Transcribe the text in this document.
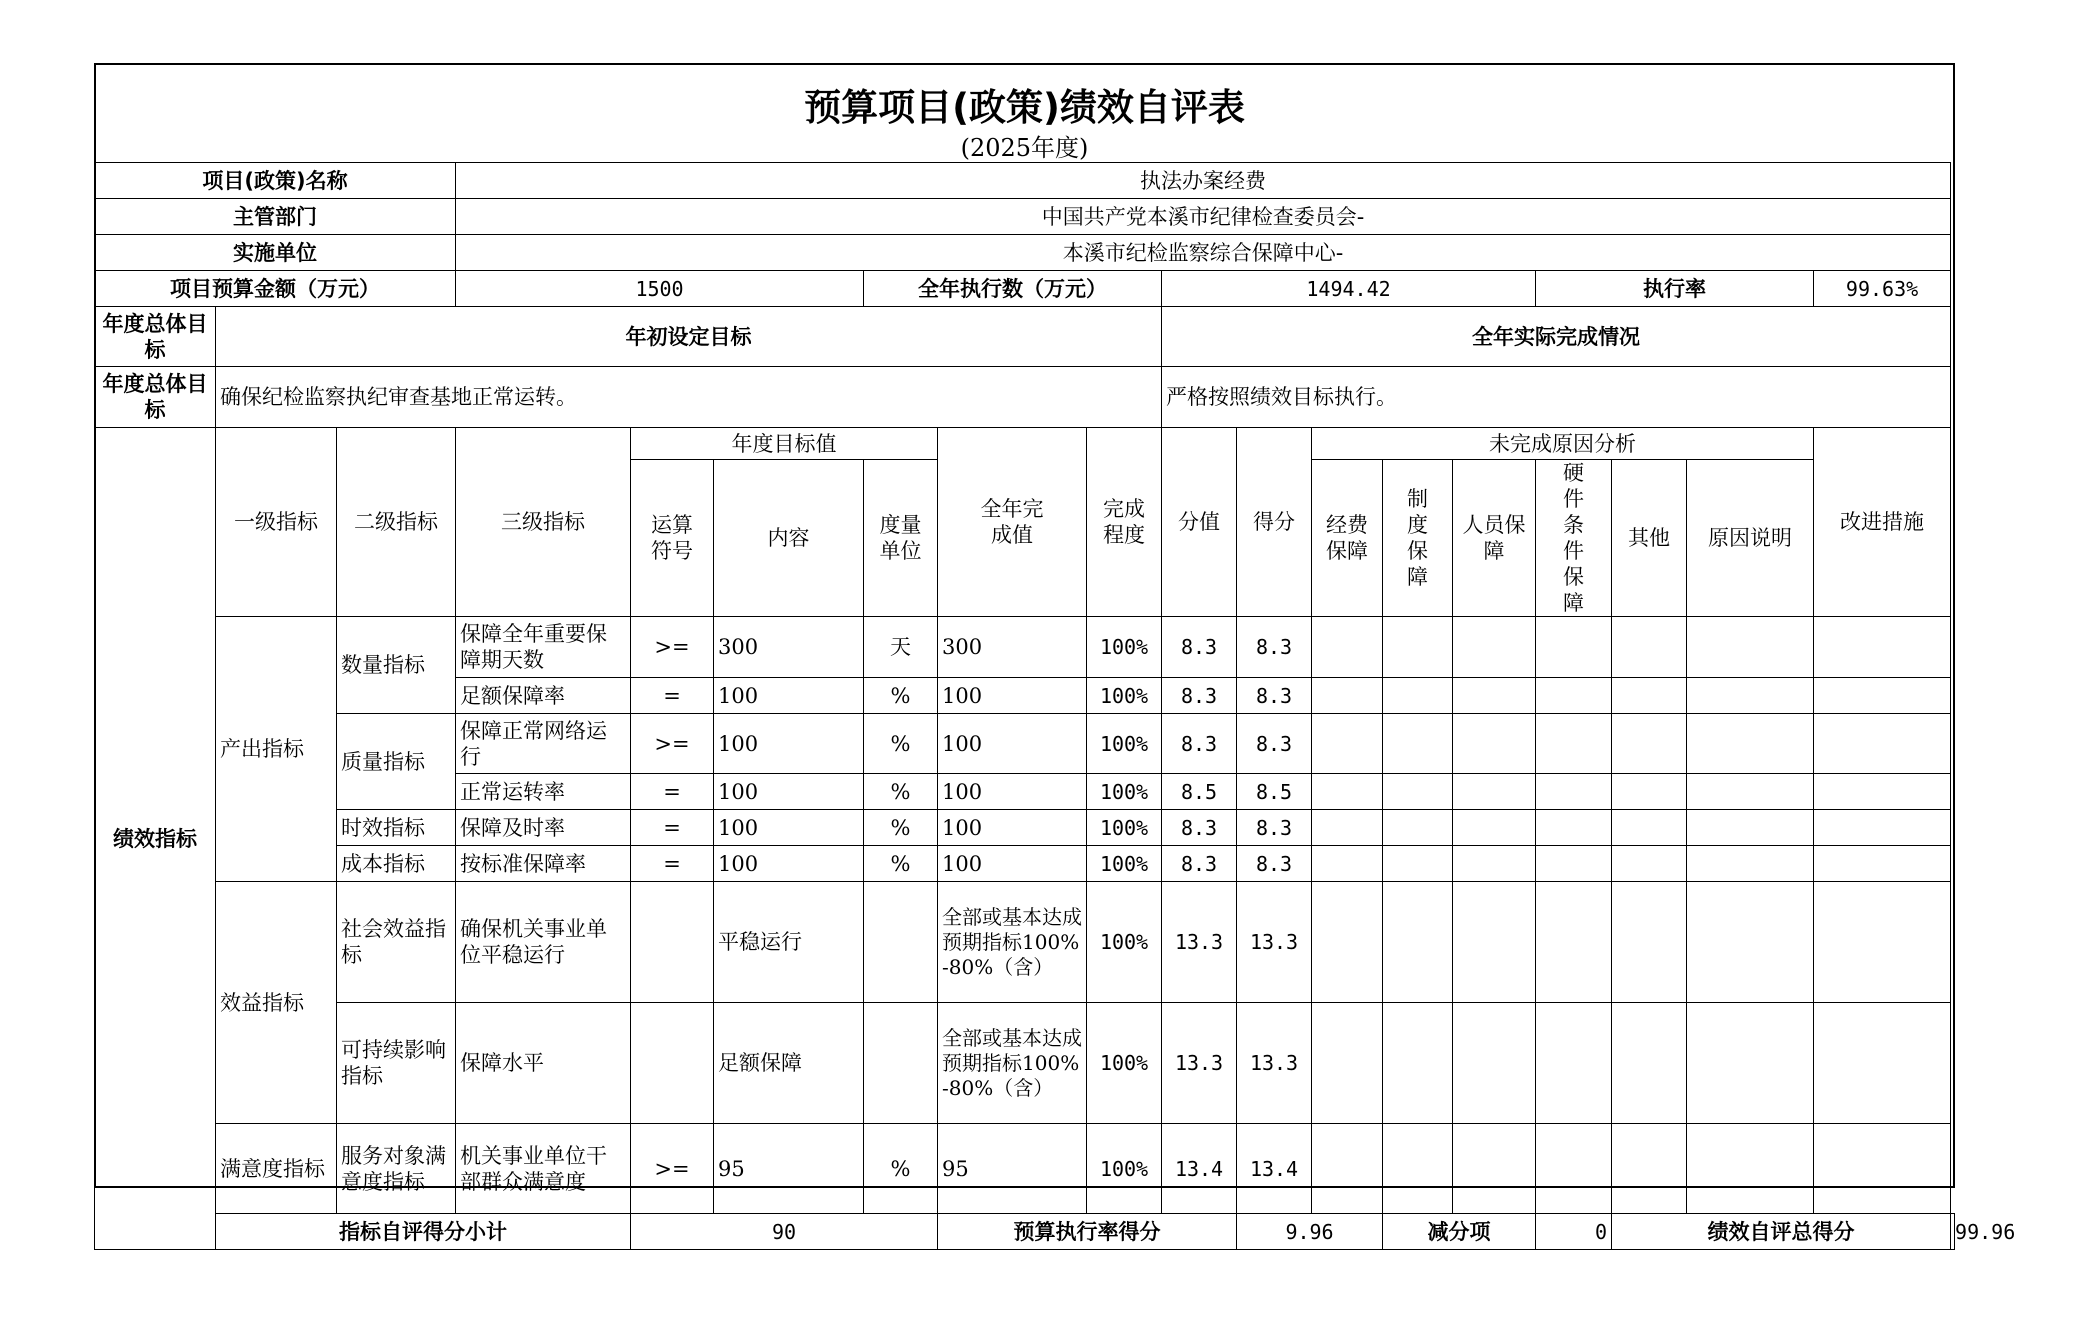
预算项目(政策)绩效自评表
(2025年度)
项目(政策)名称			执法办案经费															
主管部门			中国共产党本溪市纪律检查委员会-															
实施单位			本溪市纪检监察综合保障中心-															
项目预算金额（万元）			1500			全年执行数（万元）			1494.42					执行率			99.63%	
年度总体目标	年初设定目标								全年实际完成情况									
年度总体目标	确保纪检监察执纪审查基地正常运转。								严格按照绩效目标执行。									
绩效指标	一级指标	二级指标	三级指标	年度目标值			全年完成值	完成程度	分值	得分	未完成原因分析						改进措施	
				运算符号	内容	度量单位					经费保障	制度保障	人员保障	硬件条件保障	其他	原因说明		
	产出指标	数量指标	保障全年重要保障期天数	>=	300	天	300	100%	8.3	8.3								
			足额保障率	=	100	%	100	100%	8.3	8.3								
		质量指标	保障正常网络运行	>=	100	%	100	100%	8.3	8.3								
			正常运转率	=	100	%	100	100%	8.5	8.5								
		时效指标	保障及时率	=	100	%	100	100%	8.3	8.3								
		成本指标	按标准保障率	=	100	%	100	100%	8.3	8.3								
	效益指标	社会效益指标	确保机关事业单位平稳运行		平稳运行		全部或基本达成预期指标100%-80%（含）	100%	13.3	13.3								
		可持续影响指标	保障水平		足额保障		全部或基本达成预期指标100%-80%（含）	100%	13.3	13.3								
	满意度指标	服务对象满意度指标	机关事业单位干部群众满意度	>=	95	%	95	100%	13.4	13.4								
	指标自评得分小计			90			预算执行率得分			9.96		减分项		0	绩效自评总得分			99.96
